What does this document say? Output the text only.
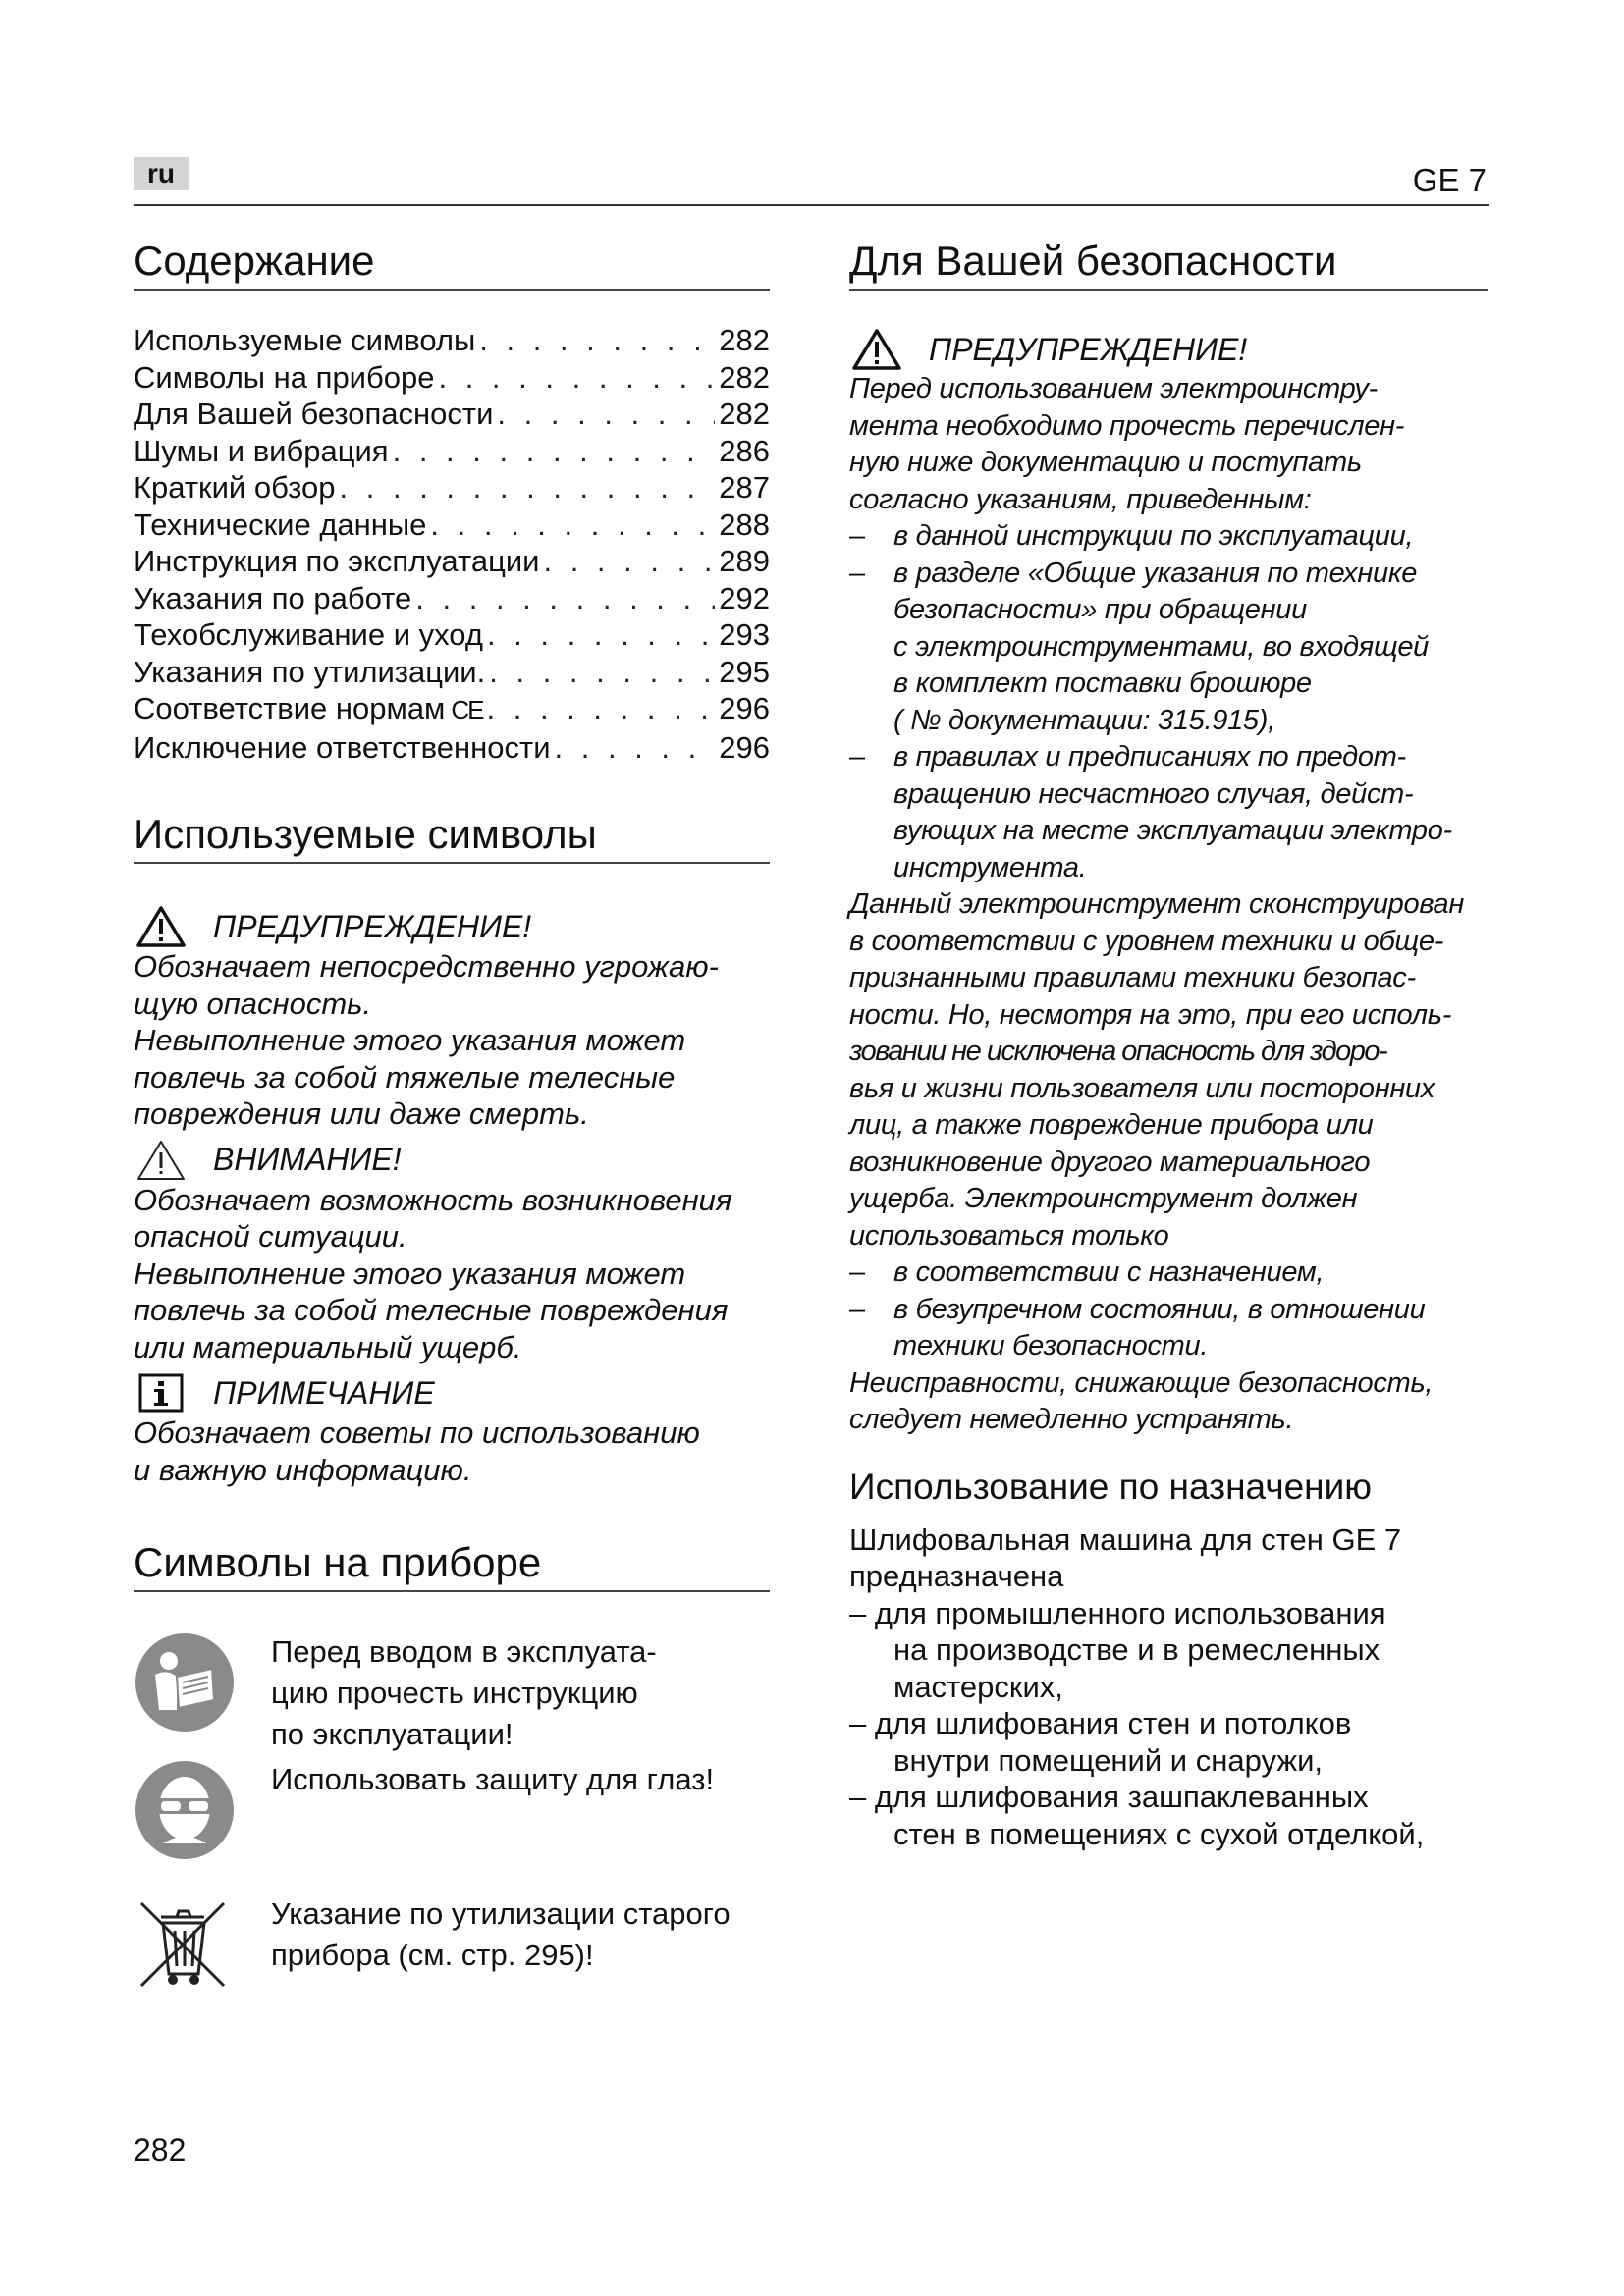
ru	GE 7
Содержание
Используемые символы . . .	282
Символы на приборе . . .	282
Для Вашей безопасности . . .	282
Шумы и вибрация . . .	286
Краткий обзор . . .	287
Технические данные . . .	288
Инструкция по эксплуатации . . .	289
Указания по работе . . .	292
Техобслуживание и уход . . .	293
Указания по утилизации. . . .	295
Соответствие нормам CE . . .	296
Исключение ответственности . . .	296
Используемые символы
ПРЕДУПРЕЖДЕНИЕ!
Обозначает непосредственно угрожаю-
щую опасность.
Невыполнение этого указания может
повлечь за собой тяжелые телесные
повреждения или даже смерть.
ВНИМАНИЕ!
Обозначает возможность возникновения
опасной ситуации.
Невыполнение этого указания может
повлечь за собой телесные повреждения
или материальный ущерб.
ПРИМЕЧАНИЕ
Обозначает советы по использованию
и важную информацию.
Символы на приборе
Перед вводом в эксплуата-
цию прочесть инструкцию
по эксплуатации!
Использовать защиту для глаз!
Указание по утилизации старого
прибора (см. стр. 295)!
Для Вашей безопасности
ПРЕДУПРЕЖДЕНИЕ!
Перед использованием электроинстру-
мента необходимо прочесть перечислен-
ную ниже документацию и поступать
согласно указаниям, приведенным:
–	в данной инструкции по эксплуатации,
–	в разделе «Общие указания по технике
безопасности» при обращении
с электроинструментами, во входящей
в комплект поставки брошюре
( № документации: 315.915),
–	в правилах и предписаниях по предот-
вращению несчастного случая, дейст-
вующих на месте эксплуатации электро-
инструмента.
Данный электроинструмент сконструирован
в соответствии с уровнем техники и обще-
признанными правилами техники безопас-
ности. Но, несмотря на это, при его исполь-
зовании не исключена опасность для здоро-
вья и жизни пользователя или посторонних
лиц, а также повреждение прибора или
возникновение другого материального
ущерба. Электроинструмент должен
использоваться только
–	в соответствии с назначением,
–	в безупречном состоянии, в отношении
техники безопасности.
Неисправности, снижающие безопасность,
следует немедленно устранять.
Использование по назначению
Шлифовальная машина для стен GE 7
предназначена
– для промышленного использования
на производстве и в ремесленных
мастерских,
– для шлифования стен и потолков
внутри помещений и снаружи,
– для шлифования зашпаклеванных
стен в помещениях с сухой отделкой,
282
